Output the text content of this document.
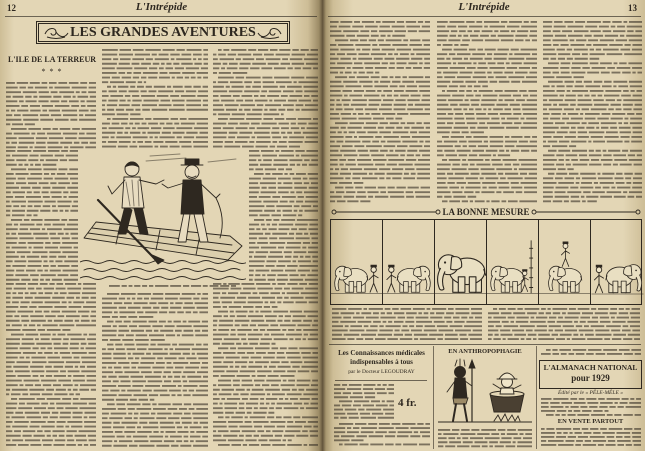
12	L'Intrépide
LES GRANDES AVENTURES
L'ILE DE LA TERREUR
* * *
L'Intrépide	13
LA BONNE MESURE
Les Connaissances médicales
indispensables à tous
par le Docteur LEGOUDRAY
4 fr.
EN ANTHROPOPHAGIE
L'ALMANACH NATIONAL
pour 1929
Édité par le « PÊLE-MÊLE »
EN VENTE PARTOUT
